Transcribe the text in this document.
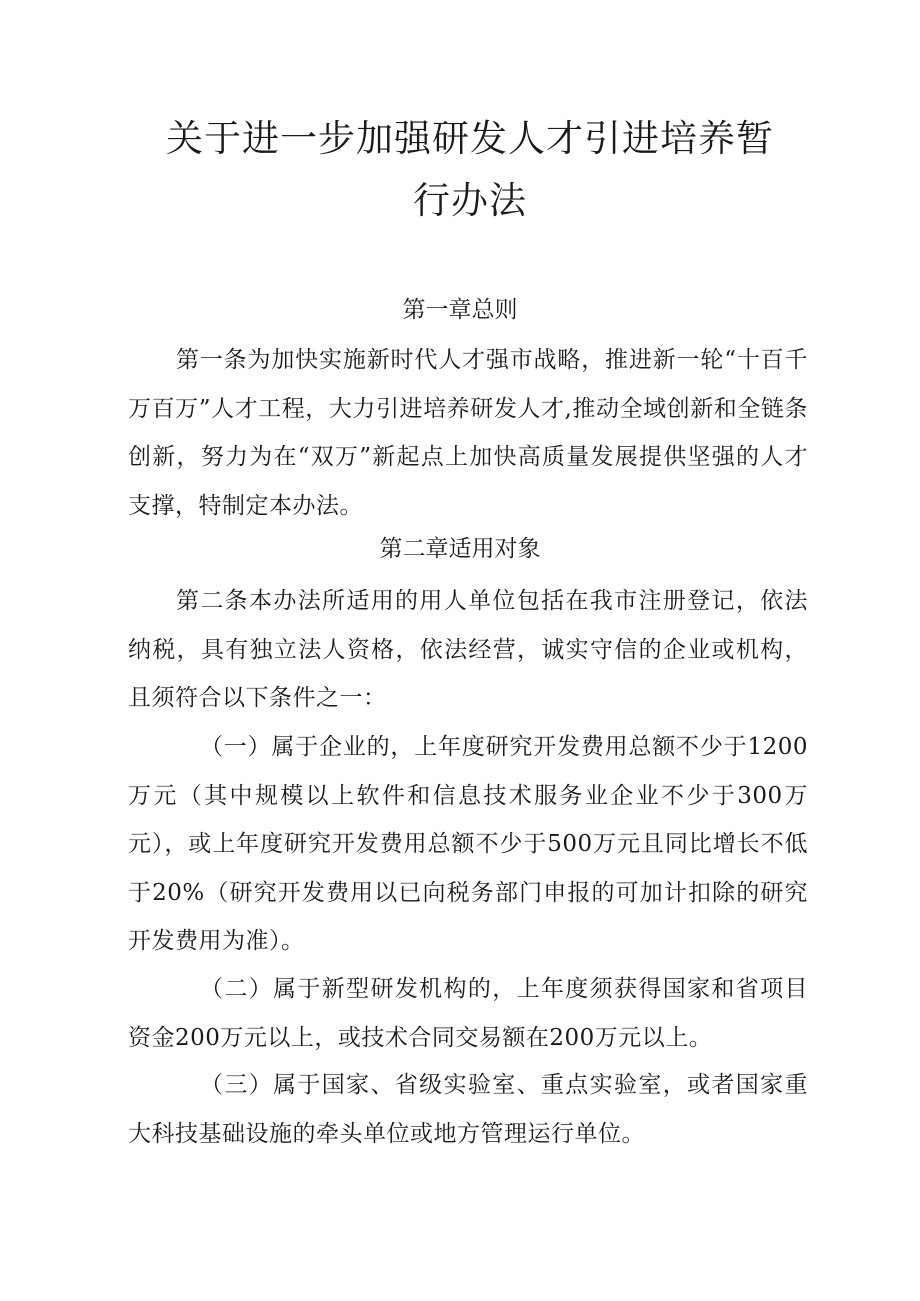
关于进一步加强研发人才引进培养暂行办法
第一章总则

第一条为加快实施新时代人才强市战略，推进新一轮“十百千万百万”人才工程，大力引进培养研发人才,推动全域创新和全链条创新，努力为在“双万”新起点上加快高质量发展提供坚强的人才支撑，特制定本办法。

第二章适用对象

第二条本办法所适用的用人单位包括在我市注册登记，依法纳税，具有独立法人资格，依法经营，诚实守信的企业或机构，且须符合以下条件之一：

（一）属于企业的，上年度研究开发费用总额不少于1200万元（其中规模以上软件和信息技术服务业企业不少于300万元），或上年度研究开发费用总额不少于500万元且同比增长不低于20%（研究开发费用以已向税务部门申报的可加计扣除的研究开发费用为准）。

（二）属于新型研发机构的，上年度须获得国家和省项目资金200万元以上，或技术合同交易额在200万元以上。

（三）属于国家、省级实验室、重点实验室，或者国家重大科技基础设施的牵头单位或地方管理运行单位。
